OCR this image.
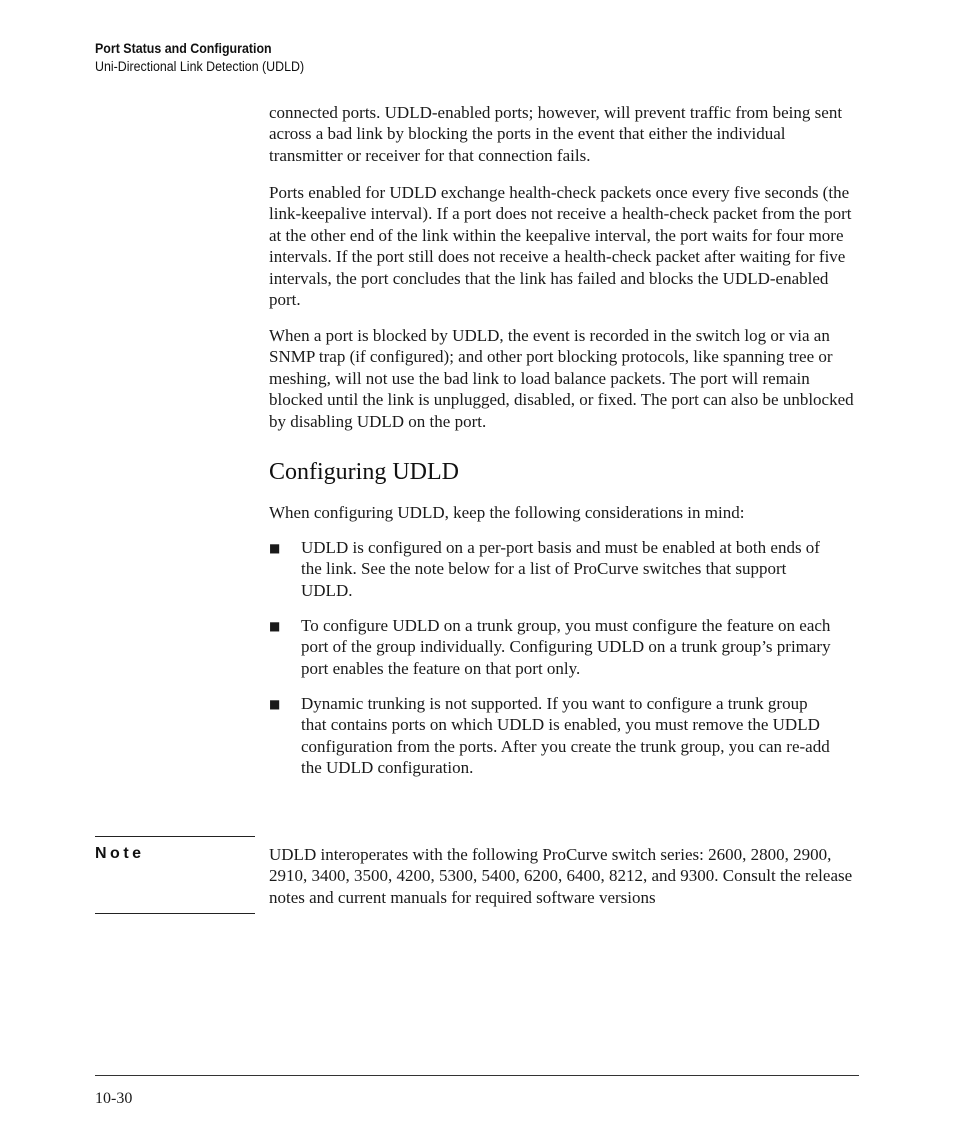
Port Status and Configuration
Uni-Directional Link Detection (UDLD)

connected ports. UDLD-enabled ports; however, will prevent traffic from being sent across a bad link by blocking the ports in the event that either the individual transmitter or receiver for that connection fails.

Ports enabled for UDLD exchange health-check packets once every five seconds (the link-keepalive interval). If a port does not receive a health-check packet from the port at the other end of the link within the keepalive interval, the port waits for four more intervals. If the port still does not receive a health-check packet after waiting for five intervals, the port concludes that the link has failed and blocks the UDLD-enabled port.

When a port is blocked by UDLD, the event is recorded in the switch log or via an SNMP trap (if configured); and other port blocking protocols, like spanning tree or meshing, will not use the bad link to load balance packets. The port will remain blocked until the link is unplugged, disabled, or fixed. The port can also be unblocked by disabling UDLD on the port.

Configuring UDLD

When configuring UDLD, keep the following considerations in mind:

■ UDLD is configured on a per-port basis and must be enabled at both ends of the link. See the note below for a list of ProCurve switches that support UDLD.
■ To configure UDLD on a trunk group, you must configure the feature on each port of the group individually. Configuring UDLD on a trunk group’s primary port enables the feature on that port only.
■ Dynamic trunking is not supported. If you want to configure a trunk group that contains ports on which UDLD is enabled, you must remove the UDLD configuration from the ports. After you create the trunk group, you can re-add the UDLD configuration.
Note	UDLD interoperates with the following ProCurve switch series: 2600, 2800, 2900, 2910, 3400, 3500, 4200, 5300, 5400, 6200, 6400, 8212, and 9300. Consult the release notes and current manuals for required software versions

10-30
